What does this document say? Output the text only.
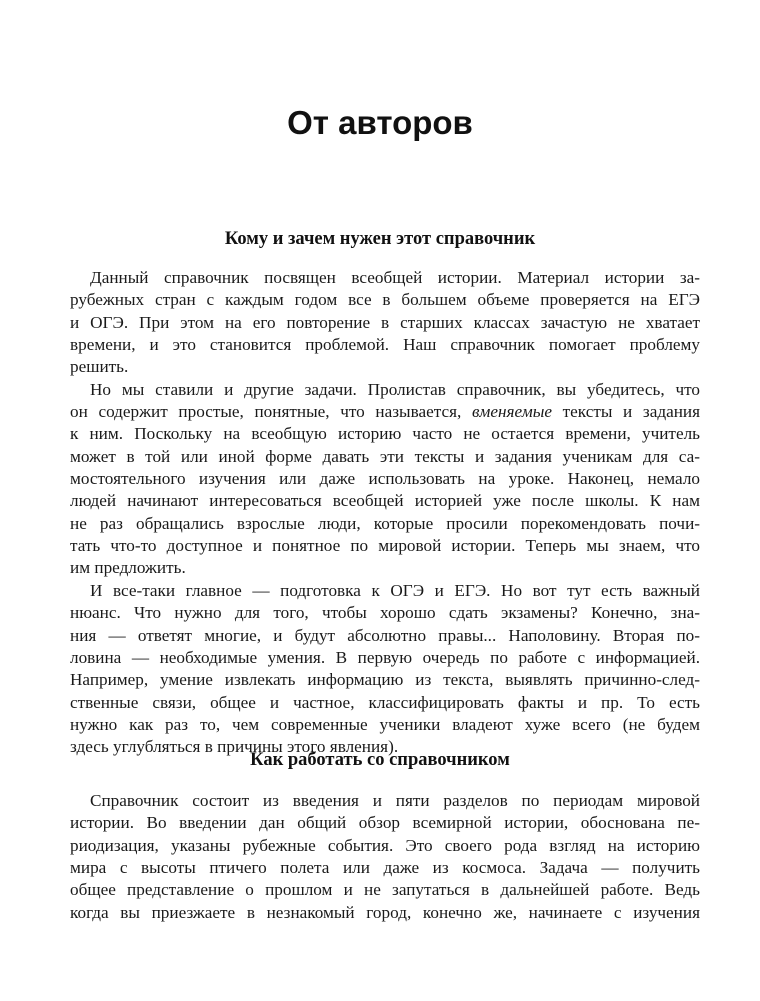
От авторов
Кому и зачем нужен этот справочник
Данный справочник посвящен всеобщей истории. Материал истории за-
рубежных стран с каждым годом все в большем объеме проверяется на ЕГЭ
и ОГЭ. При этом на его повторение в старших классах зачастую не хватает
времени, и это становится проблемой. Наш справочник помогает проблему
решить.
Но мы ставили и другие задачи. Пролистав справочник, вы убедитесь, что
он содержит простые, понятные, что называется, вменяемые тексты и задания
к ним. Поскольку на всеобщую историю часто не остается времени, учитель
может в той или иной форме давать эти тексты и задания ученикам для са-
мостоятельного изучения или даже использовать на уроке. Наконец, немало
людей начинают интересоваться всеобщей историей уже после школы. К нам
не раз обращались взрослые люди, которые просили порекомендовать почи-
тать что-то доступное и понятное по мировой истории. Теперь мы знаем, что
им предложить.
И все-таки главное — подготовка к ОГЭ и ЕГЭ. Но вот тут есть важный
нюанс. Что нужно для того, чтобы хорошо сдать экзамены? Конечно, зна-
ния — ответят многие, и будут абсолютно правы... Наполовину. Вторая по-
ловина — необходимые умения. В первую очередь по работе с информацией.
Например, умение извлекать информацию из текста, выявлять причинно-след-
ственные связи, общее и частное, классифицировать факты и пр. То есть
нужно как раз то, чем современные ученики владеют хуже всего (не будем
здесь углубляться в причины этого явления).
Как работать со справочником
Справочник состоит из введения и пяти разделов по периодам мировой
истории. Во введении дан общий обзор всемирной истории, обоснована пе-
риодизация, указаны рубежные события. Это своего рода взгляд на историю
мира с высоты птичего полета или даже из космоса. Задача — получить
общее представление о прошлом и не запутаться в дальнейшей работе. Ведь
когда вы приезжаете в незнакомый город, конечно же, начинаете с изучения
